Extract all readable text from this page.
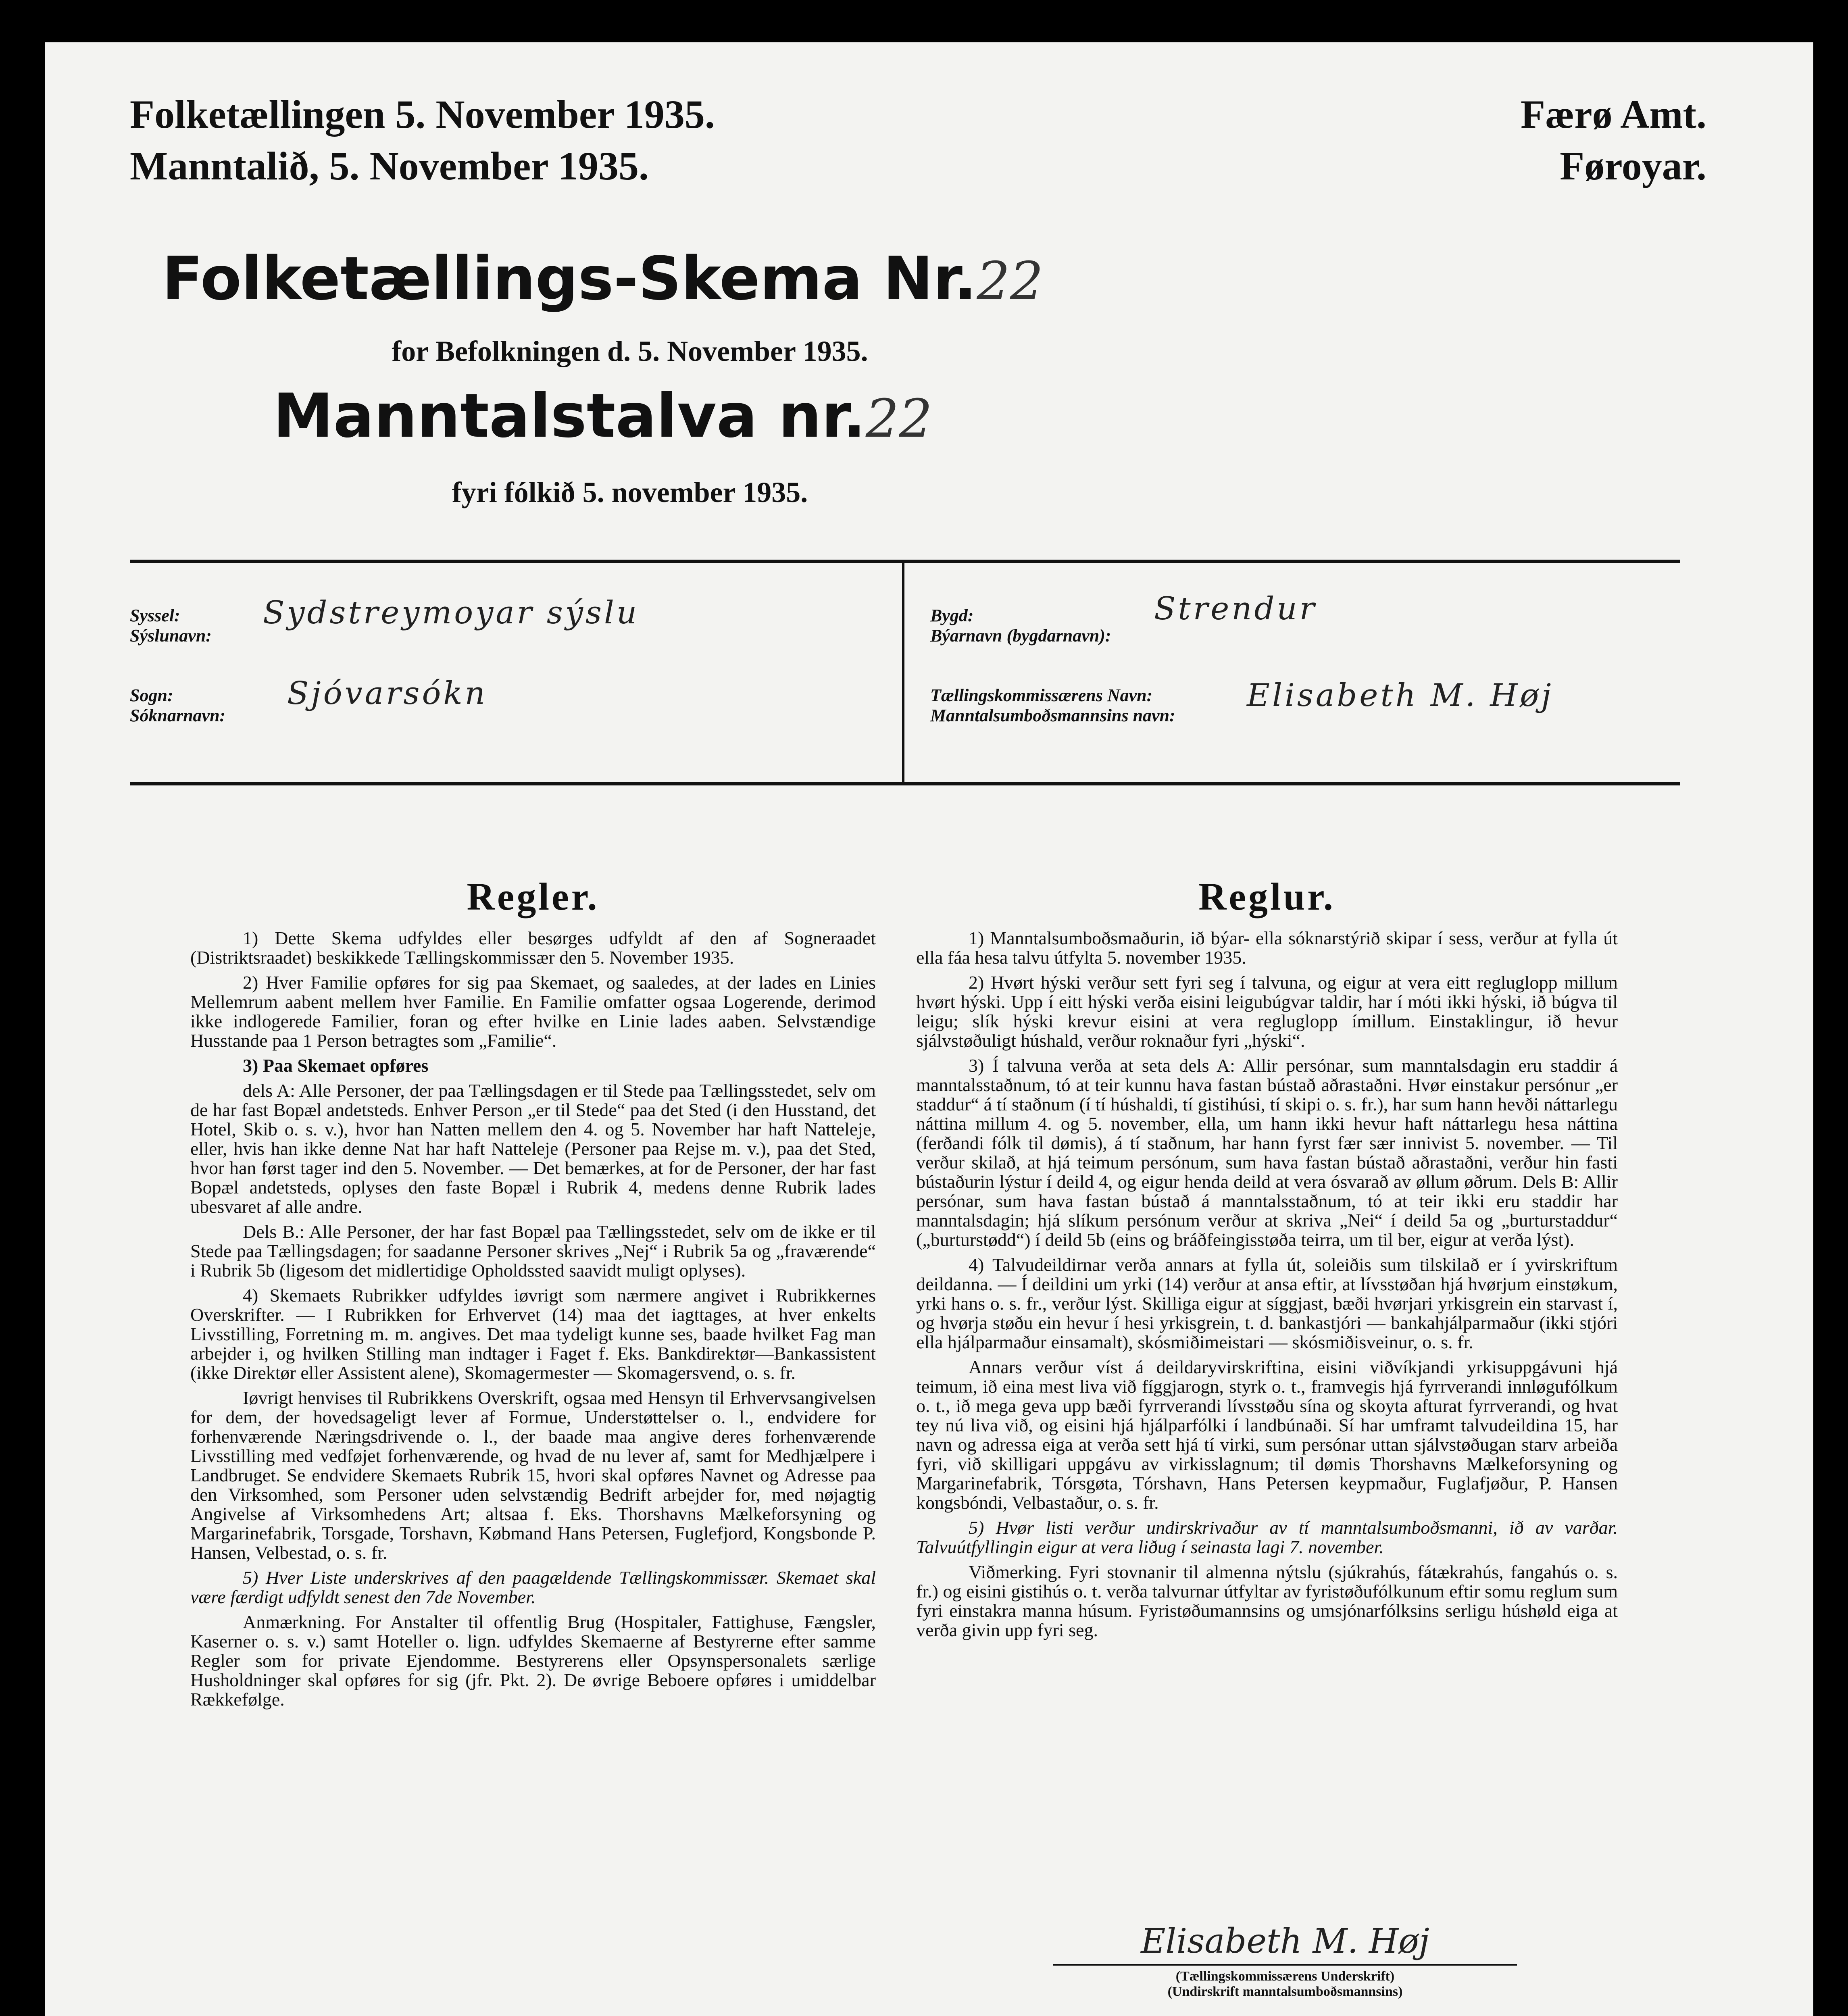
Folketællingen 5. November 1935.
Manntalið, 5. November 1935.
Færø Amt.
Føroyar.
Folketællings-Skema Nr.22
for Befolkningen d. 5. November 1935.
Manntalstalva nr.22
fyri fólkið 5. november 1935.
Syssel:
Sýslunavn:
Sydstreymoyar sýslu
Sogn:
Sóknarnavn:
Sjóvarsókn
Bygd:
Býarnavn (bygdarnavn):
Strendur
Tællingskommissærens Navn:
Manntalsumboðsmannsins navn:
Elisabeth M. Høj
Regler.

1) Dette Skema udfyldes eller besørges udfyldt af den af Sogneraadet (Distriktsraadet) beskikkede Tællingskommissær den 5. November 1935.

2) Hver Familie opføres for sig paa Skemaet, og saaledes, at der lades en Linies Mellemrum aabent mellem hver Familie. En Familie omfatter ogsaa Logerende, derimod ikke indlogerede Familier, foran og efter hvilke en Linie lades aaben. Selvstændige Husstande paa 1 Person betragtes som „Familie“.

3) Paa Skemaet opføres

dels A: Alle Personer, der paa Tællingsdagen er til Stede paa Tællingsstedet, selv om de har fast Bopæl andetsteds. Enhver Person „er til Stede“ paa det Sted (i den Husstand, det Hotel, Skib o. s. v.), hvor han Natten mellem den 4. og 5. November har haft Natteleje, eller, hvis han ikke denne Nat har haft Natteleje (Personer paa Rejse m. v.), paa det Sted, hvor han først tager ind den 5. November. — Det bemærkes, at for de Personer, der har fast Bopæl andetsteds, oplyses den faste Bopæl i Rubrik 4, medens denne Rubrik lades ubesvaret af alle andre.

Dels B.: Alle Personer, der har fast Bopæl paa Tællingsstedet, selv om de ikke er til Stede paa Tællingsdagen; for saadanne Personer skrives „Nej“ i Rubrik 5a og „fraværende“ i Rubrik 5b (ligesom det midlertidige Opholdssted saavidt muligt oplyses).

4) Skemaets Rubrikker udfyldes iøvrigt som nærmere angivet i Rubrikkernes Overskrifter. — I Rubrikken for Erhvervet (14) maa det iagttages, at hver enkelts Livsstilling, Forretning m. m. angives. Det maa tydeligt kunne ses, baade hvilket Fag man arbejder i, og hvilken Stilling man indtager i Faget f. Eks. Bankdirektør—Bankassistent (ikke Direktør eller Assistent alene), Skomagermester — Skomagersvend, o. s. fr.

Iøvrigt henvises til Rubrikkens Overskrift, ogsaa med Hensyn til Erhvervsangivelsen for dem, der hovedsageligt lever af Formue, Understøttelser o. l., endvidere for forhenværende Næringsdrivende o. l., der baade maa angive deres forhenværende Livsstilling med vedføjet forhenværende, og hvad de nu lever af, samt for Medhjælpere i Landbruget. Se endvidere Skemaets Rubrik 15, hvori skal opføres Navnet og Adresse paa den Virksomhed, som Personer uden selvstændig Bedrift arbejder for, med nøjagtig Angivelse af Virksomhedens Art; altsaa f. Eks. Thorshavns Mælkeforsyning og Margarinefabrik, Torsgade, Torshavn, Købmand Hans Petersen, Fuglefjord, Kongsbonde P. Hansen, Velbestad, o. s. fr.

5) Hver Liste underskrives af den paagældende Tællingskommissær. Skemaet skal være færdigt udfyldt senest den 7de November.

Anmærkning. For Anstalter til offentlig Brug (Hospitaler, Fattighuse, Fængsler, Kaserner o. s. v.) samt Hoteller o. lign. udfyldes Skemaerne af Bestyrerne efter samme Regler som for private Ejendomme. Bestyrerens eller Opsynspersonalets særlige Husholdninger skal opføres for sig (jfr. Pkt. 2). De øvrige Beboere opføres i umiddelbar Rækkefølge.

Reglur.

1) Manntalsumboðsmaðurin, ið býar- ella sóknarstýrið skipar í sess, verður at fylla út ella fáa hesa talvu útfylta 5. november 1935.

2) Hvørt hýski verður sett fyri seg í talvuna, og eigur at vera eitt regluglopp millum hvørt hýski. Upp í eitt hýski verða eisini leigubúgvar taldir, har í móti ikki hýski, ið búgva til leigu; slík hýski krevur eisini at vera regluglopp ímillum. Einstaklingur, ið hevur sjálvstøðuligt húshald, verður roknaður fyri „hýski“.

3) Í talvuna verða at seta dels A: Allir persónar, sum manntalsdagin eru staddir á manntalsstaðnum, tó at teir kunnu hava fastan bústað aðrastaðni. Hvør einstakur persónur „er staddur“ á tí staðnum (í tí húshaldi, tí gistihúsi, tí skipi o. s. fr.), har sum hann hevði náttarlegu náttina millum 4. og 5. november, ella, um hann ikki hevur haft náttarlegu hesa náttina (ferðandi fólk til dømis), á tí staðnum, har hann fyrst fær sær innivist 5. november. — Til verður skilað, at hjá teimum persónum, sum hava fastan bústað aðrastaðni, verður hin fasti bústaðurin lýstur í deild 4, og eigur henda deild at vera ósvarað av øllum øðrum. Dels B: Allir persónar, sum hava fastan bústað á manntalsstaðnum, tó at teir ikki eru staddir har manntalsdagin; hjá slíkum persónum verður at skriva „Nei“ í deild 5a og „burturstaddur“ („burturstødd“) í deild 5b (eins og bráðfeingisstøða teirra, um til ber, eigur at verða lýst).

4) Talvudeildirnar verða annars at fylla út, soleiðis sum tilskilað er í yvirskriftum deildanna. — Í deildini um yrki (14) verður at ansa eftir, at lívsstøðan hjá hvørjum einstøkum, yrki hans o. s. fr., verður lýst. Skilliga eigur at síggjast, bæði hvørjari yrkisgrein ein starvast í, og hvørja støðu ein hevur í hesi yrkisgrein, t. d. bankastjóri — bankahjálparmaður (ikki stjóri ella hjálparmaður einsamalt), skósmiðimeistari — skósmiðisveinur, o. s. fr.

Annars verður víst á deildaryvirskriftina, eisini viðvíkjandi yrkisuppgávuni hjá teimum, ið eina mest liva við fíggjarogn, styrk o. t., framvegis hjá fyrrverandi innløgufólkum o. t., ið mega geva upp bæði fyrrverandi lívsstøðu sína og skoyta afturat fyrrverandi, og hvat tey nú liva við, og eisini hjá hjálparfólki í landbúnaði. Sí har umframt talvudeildina 15, har navn og adressa eiga at verða sett hjá tí virki, sum persónar uttan sjálvstøðugan starv arbeiða fyri, við skilligari uppgávu av virkisslagnum; til dømis Thorshavns Mælkeforsyning og Margarinefabrik, Tórsgøta, Tórshavn, Hans Petersen keypmaður, Fuglafjøður, P. Hansen kongsbóndi, Velbastaður, o. s. fr.

5) Hvør listi verður undirskrivaður av tí manntalsumboðsmanni, ið av varðar. Talvuútfyllingin eigur at vera liðug í seinasta lagi 7. november.

Viðmerking. Fyri stovnanir til almenna nýtslu (sjúkrahús, fátækrahús, fangahús o. s. fr.) og eisini gistihús o. t. verða talvurnar útfyltar av fyristøðufólkunum eftir somu reglum sum fyri einstakra manna húsum. Fyristøðumannsins og umsjónarfólksins serligu húshøld eiga at verða givin upp fyri seg.

Elisabeth M. Høj
(Tællingskommissærens Underskrift)
(Undirskrift manntalsumboðsmannsins)
